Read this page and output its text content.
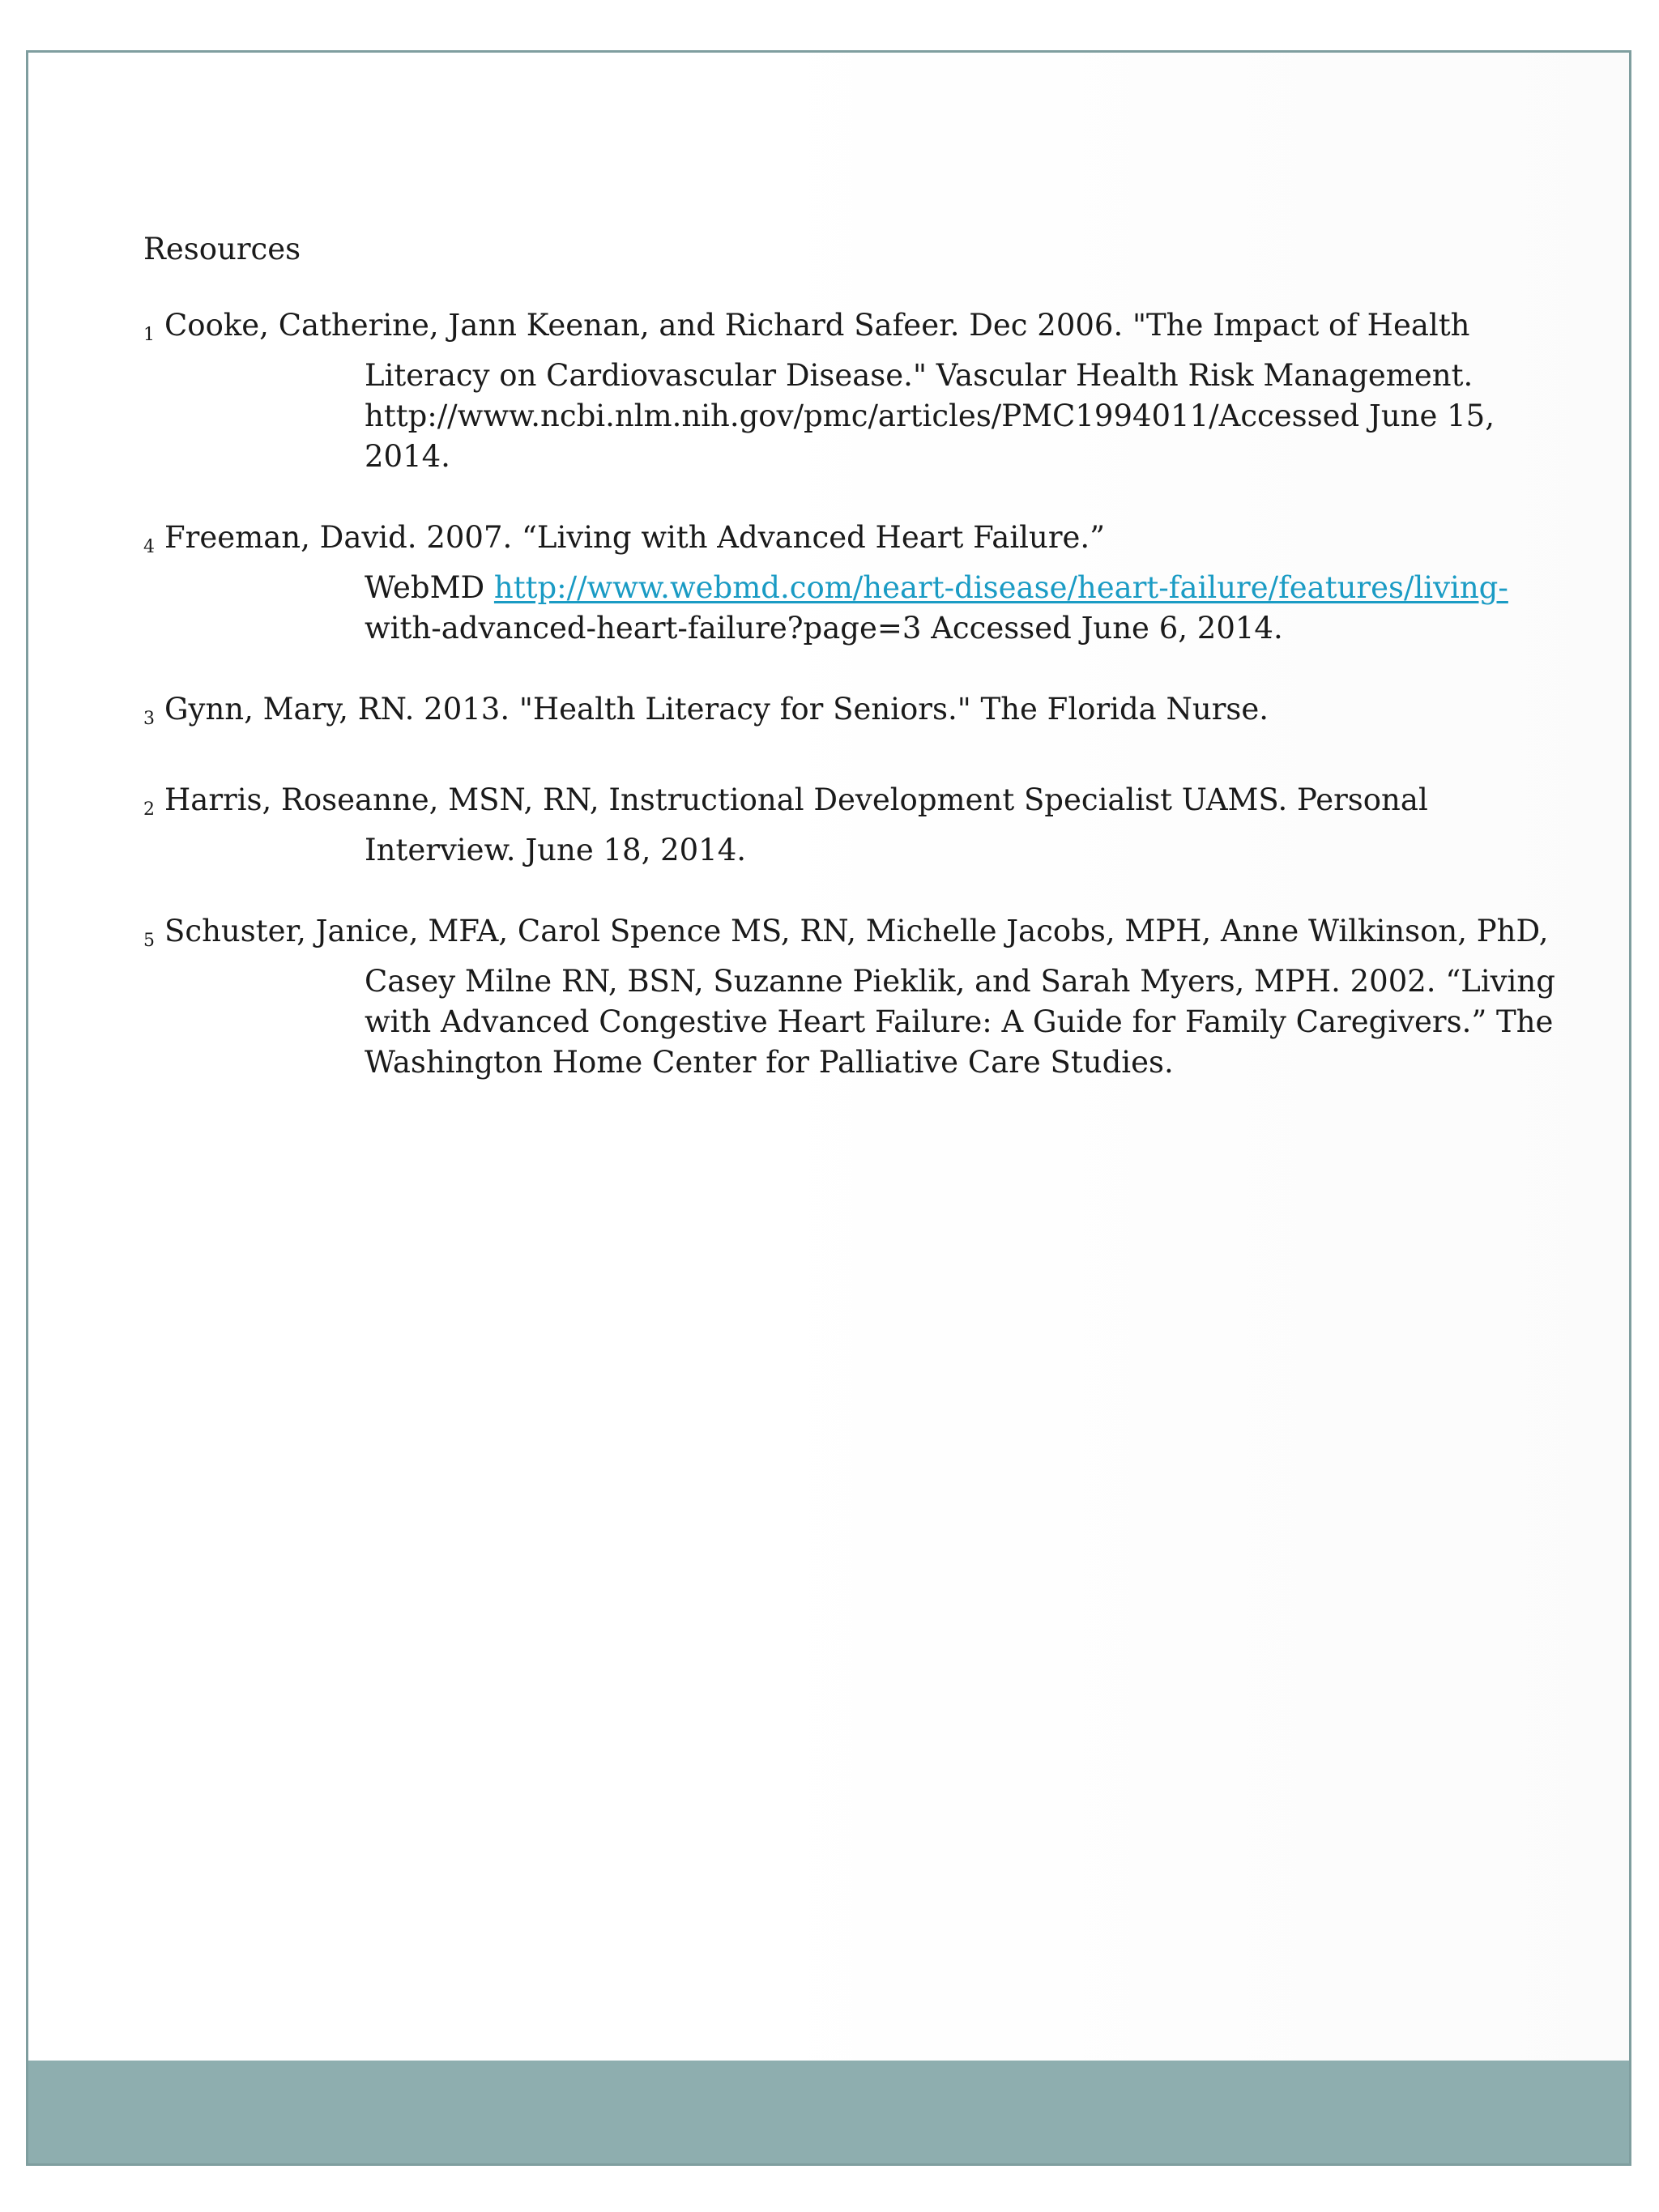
Resources
1 Cooke, Catherine, Jann Keenan, and Richard Safeer. Dec 2006. "The Impact of Health
Literacy on Cardiovascular Disease." Vascular Health Risk Management.
http://www.ncbi.nlm.nih.gov/pmc/articles/PMC1994011/Accessed June 15,
2014.
4 Freeman, David. 2007. “Living with Advanced Heart Failure.”
WebMD http://www.webmd.com/heart-disease/heart-failure/features/living-
with-advanced-heart-failure?page=3 Accessed June 6, 2014.
3 Gynn, Mary, RN. 2013. "Health Literacy for Seniors." The Florida Nurse.
2 Harris, Roseanne, MSN, RN, Instructional Development Specialist UAMS. Personal
Interview. June 18, 2014.
5 Schuster, Janice, MFA, Carol Spence MS, RN, Michelle Jacobs, MPH, Anne Wilkinson, PhD,
Casey Milne RN, BSN, Suzanne Pieklik, and Sarah Myers, MPH. 2002. “Living
with Advanced Congestive Heart Failure: A Guide for Family Caregivers.” The
Washington Home Center for Palliative Care Studies.
